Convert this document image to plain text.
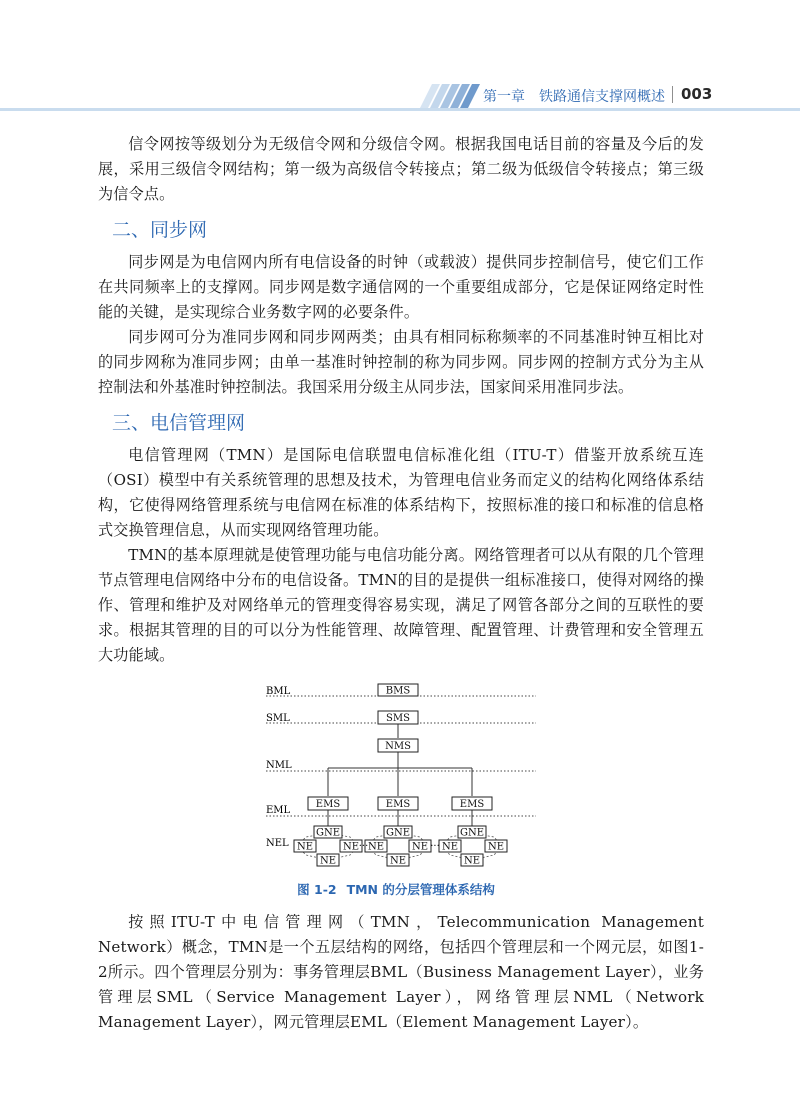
第一章　铁路通信支撑网概述 003

信令网按等级划分为无级信令网和分级信令网。根据我国电话目前的容量及今后的发展，采用三级信令网结构；第一级为高级信令转接点；第二级为低级信令转接点；第三级为信令点。

二、同步网

同步网是为电信网内所有电信设备的时钟（或载波）提供同步控制信号，使它们工作在共同频率上的支撑网。同步网是数字通信网的一个重要组成部分，它是保证网络定时性能的关键，是实现综合业务数字网的必要条件。

同步网可分为准同步网和同步网两类；由具有相同标称频率的不同基准时钟互相比对的同步网称为准同步网；由单一基准时钟控制的称为同步网。同步网的控制方式分为主从控制法和外基准时钟控制法。我国采用分级主从同步法，国家间采用准同步法。

三、电信管理网

电信管理网（TMN）是国际电信联盟电信标准化组（ITU-T）借鉴开放系统互连（OSI）模型中有关系统管理的思想及技术，为管理电信业务而定义的结构化网络体系结构，它使得网络管理系统与电信网在标准的体系结构下，按照标准的接口和标准的信息格式交换管理信息，从而实现网络管理功能。

TMN的基本原理就是使管理功能与电信功能分离。网络管理者可以从有限的几个管理节点管理电信网络中分布的电信设备。TMN的目的是提供一组标准接口，使得对网络的操作、管理和维护及对网络单元的管理变得容易实现，满足了网管各部分之间的互联性的要求。根据其管理的目的可以分为性能管理、故障管理、配置管理、计费管理和安全管理五大功能域。

BML
SML
NML
EML
NEL
BMS
SMS
NMS
EMS	EMS	EMS
GNE	GNE	GNE
NE	NE
NE
NE	NE
NE
NE	NE
NE
···	···
图 1-2 TMN 的分层管理体系结构

按照ITU-T中电信管理网（TMN，Telecommunication Management Network）概念，TMN是一个五层结构的网络，包括四个管理层和一个网元层，如图1-2所示。四个管理层分别为：事务管理层BML（Business Management Layer），业务管理层SML（Service Management Layer），网络管理层NML（Network Management Layer），网元管理层EML（Element Management Layer）。
